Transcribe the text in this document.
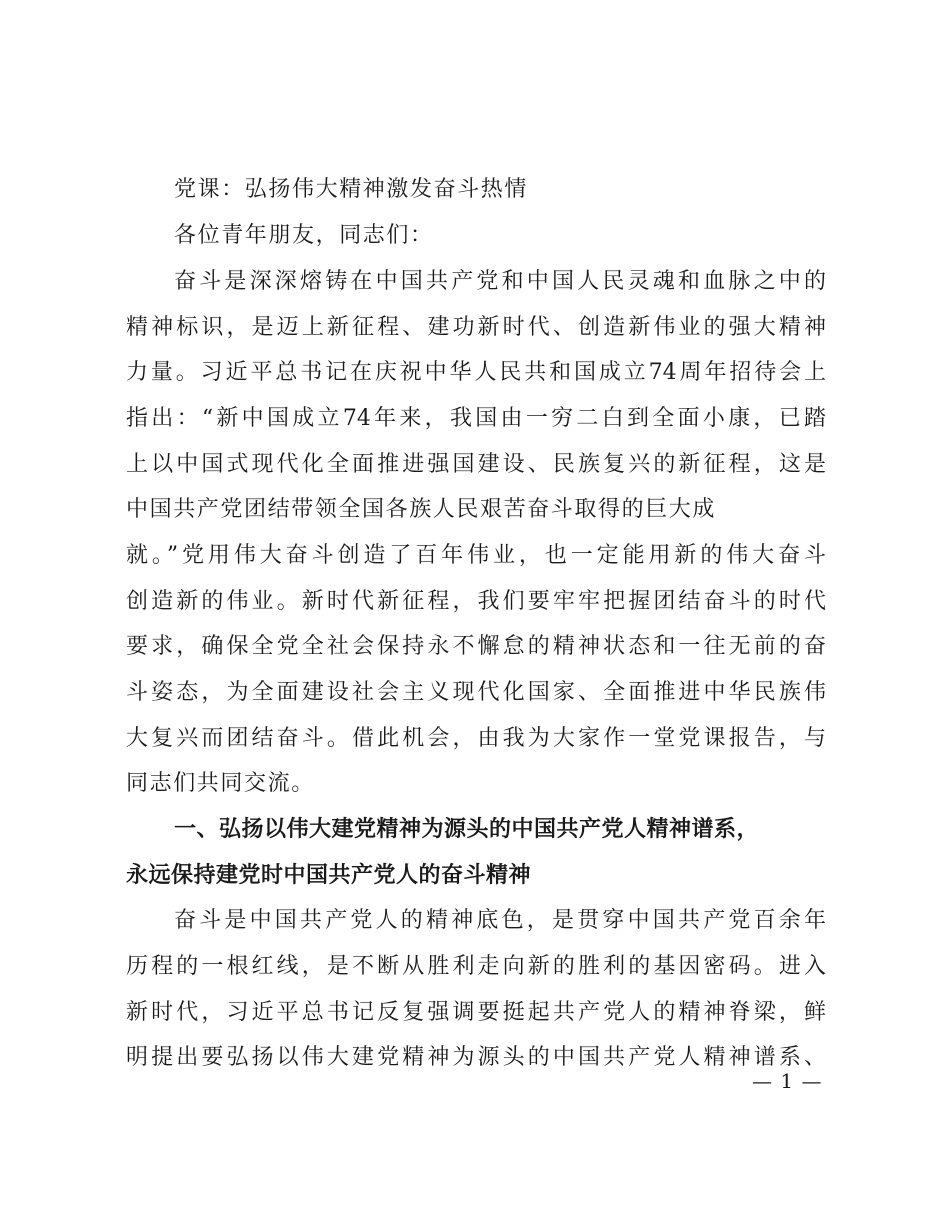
党课：弘扬伟大精神激发奋斗热情
各位青年朋友，同志们：
奋斗是深深熔铸在中国共产党和中国人民灵魂和血脉之中的
精神标识，是迈上新征程、建功新时代、创造新伟业的强大精神
力量。习近平总书记在庆祝中华人民共和国成立74周年招待会上
指出：“新中国成立74年来，我国由一穷二白到全面小康，已踏
上以中国式现代化全面推进强国建设、民族复兴的新征程，这是
中国共产党团结带领全国各族人民艰苦奋斗取得的巨大成
就。”党用伟大奋斗创造了百年伟业，也一定能用新的伟大奋斗
创造新的伟业。新时代新征程，我们要牢牢把握团结奋斗的时代
要求，确保全党全社会保持永不懈怠的精神状态和一往无前的奋
斗姿态，为全面建设社会主义现代化国家、全面推进中华民族伟
大复兴而团结奋斗。借此机会，由我为大家作一堂党课报告，与
同志们共同交流。
一、弘扬以伟大建党精神为源头的中国共产党人精神谱系，
永远保持建党时中国共产党人的奋斗精神
奋斗是中国共产党人的精神底色，是贯穿中国共产党百余年
历程的一根红线，是不断从胜利走向新的胜利的基因密码。进入
新时代，习近平总书记反复强调要挺起共产党人的精神脊梁，鲜
明提出要弘扬以伟大建党精神为源头的中国共产党人精神谱系、
— 1 —
